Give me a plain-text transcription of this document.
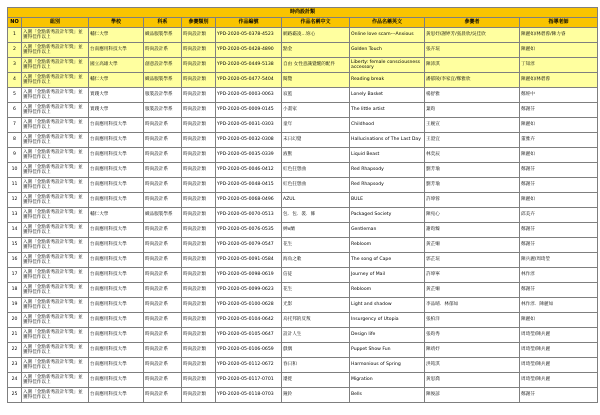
時尚設計類									
NO	組別	學校	科系	參賽類別	作品編號	作品名稱中文	作品名稱英文	參賽者	指導老師
1	入圍「金點新秀設計年獎」並獲得佳作以上	輔仁大學	織品服裝學系	時尚設計類	YPD-2020-05-0378-4523	網路霸凌…妳心	Online love scam---Anxious	黃思妤/謝婷芳/張晨欣/吳佳欣	陳麗如/林碧蓉/陳力睿
2	入圍「金點新秀設計年獎」並獲得佳作以上	台南應用科技大學	時尚設計系	時尚設計類	YPD-2020-05-0428-4890	點金	Golden Touch	張卉瑄	陳麗如
3	入圍「金點新秀設計年獎」並獲得佳作以上	國立高雄大學	創意設計學系	時尚設計類	YPD-2020-05-0449-5138	自由 女性意識覺醒的配件	Liberty: female consciousness accessory	陳沛淇	丁知淳
4	入圍「金點新秀設計年獎」並獲得佳作以上	輔仁大學	織品服裝學系	時尚設計類	YPD-2020-05-0477-5404	閱覽	Reading break	潘郁陵/李家宜/鄭雅欣	陳麗如/林碧蓉
5	入圍「金點新秀設計年獎」並獲得佳作以上	實踐大學	服裝設計學系	時尚設計類	YPD-2020-05-0003-0063	寂籃	Lonely Basket	楊舒雅	鄭經中
6	入圍「金點新秀設計年獎」並獲得佳作以上	實踐大學	服裝設計學系	時尚設計類	YPD-2020-05-0009-0145	小畫家	The little artist	葉昀	鄭謝芬
7	入圍「金點新秀設計年獎」並獲得佳作以上	台南應用科技大學	時尚設計系	時尚設計類	YPD-2020-05-0031-0303	童年	Childhood	王婉宣	陳麗如
8	入圍「金點新秀設計年獎」並獲得佳作以上	台南應用科技大學	時尚設計系	時尚設計類	YPD-2020-05-0032-0308	末日幻覺	Hallucinations of The Last Day	王澄宜	董雅卉
9	入圍「金點新秀設計年獎」並獲得佳作以上	台南應用科技大學	時尚設計系	時尚設計類	YPD-2020-05-0035-0339	液獸	Liquid Beast	林奕辰	陳麗如
10	入圍「金點新秀設計年獎」並獲得佳作以上	台南應用科技大學	時尚設計系	時尚設計類	YPD-2020-05-0046-0412	紅色狂想曲	Red Rhapsody	劉芳瑜	鄭謝芬
11	入圍「金點新秀設計年獎」並獲得佳作以上	台南應用科技大學	時尚設計系	時尚設計類	YPD-2020-05-0048-0415	紅色狂想曲	Red Rhapsody	劉芳瑜	鄭謝芬
12	入圍「金點新秀設計年獎」並獲得佳作以上	台南應用科技大學	時尚設計系	時尚設計類	YPD-2020-05-0068-0496	AZUL	BULE	許瑋蓉	陳麗如
13	入圍「金點新秀設計年獎」並獲得佳作以上	輔仁大學	織品服裝學系	時尚設計類	YPD-2020-05-0070-0513	包．包．裝．飾	Packaged Society	陳宛心	邱美卉
14	入圍「金點新秀設計年獎」並獲得佳作以上	台南應用科技大學	時尚設計系	時尚設計類	YPD-2020-05-0076-0535	紳x蘭	Gentleman	謝昀臻	鄭謝芬
15	入圍「金點新秀設計年獎」並獲得佳作以上	台南應用科技大學	時尚設計系	時尚設計類	YPD-2020-05-0079-0547	花生	Rebloom	黃芷姍	鄭謝芬
16	入圍「金點新秀設計年獎」並獲得佳作以上	台南應用科技大學	時尚設計系	時尚設計類	YPD-2020-05-0091-0584	海角之歌	The song of Cape	郭芷瑄	陳兵麗/周琦瑩
17	入圍「金點新秀設計年獎」並獲得佳作以上	台南應用科技大學	時尚設計系	時尚設計類	YPD-2020-05-0098-0619	信徒	Journey of Mail	許瑋寧	林作淳
18	入圍「金點新秀設計年獎」並獲得佳作以上	台南應用科技大學	時尚設計系	時尚設計類	YPD-2020-05-0099-0623	花生	Rebloom	黃芷姍	鄭謝芬
19	入圍「金點新秀設計年獎」並獲得佳作以上	台南應用科技大學	時尚設計系	時尚設計類	YPD-2020-05-0100-0628	光影	Light and shadow	李品晴．林郁如	林作淳．陳麗如
20	入圍「金點新秀設計年獎」並獲得佳作以上	台南應用科技大學	時尚設計系	時尚設計類	YPD-2020-05-0104-0642	烏托邦的反叛	Insurgency of Utopia	張柏洋	陳麗如
21	入圍「金點新秀設計年獎」並獲得佳作以上	台南應用科技大學	時尚設計系	時尚設計類	YPD-2020-05-0105-0647	設計人生	Design life	張昀秀	周琦瑩/陳兵麗
22	入圍「金點新秀設計年獎」並獲得佳作以上	台南應用科技大學	時尚設計系	時尚設計類	YPD-2020-05-0106-0659	戲偶	Puppet Show Fun	陳靖妤	周琦瑩/陳兵麗
23	入圍「金點新秀設計年獎」並獲得佳作以上	台南應用科技大學	時尚設計系	時尚設計類	YPD-2020-05-0112-0672	春日和	Harmonious of Spring	洪筠淇	周琦瑩/陳兵麗
24	入圍「金點新秀設計年獎」並獲得佳作以上	台南應用科技大學	時尚設計系	時尚設計類	YPD-2020-05-0117-0701	遷徙	Migration	黃思喬	周琦瑩/陳兵麗
25	入圍「金點新秀設計年獎」並獲得佳作以上	台南應用科技大學	時尚設計系	時尚設計類	YPD-2020-05-0118-0703	鐘鈴	Bells	陳俊諺	鄭謝芬
